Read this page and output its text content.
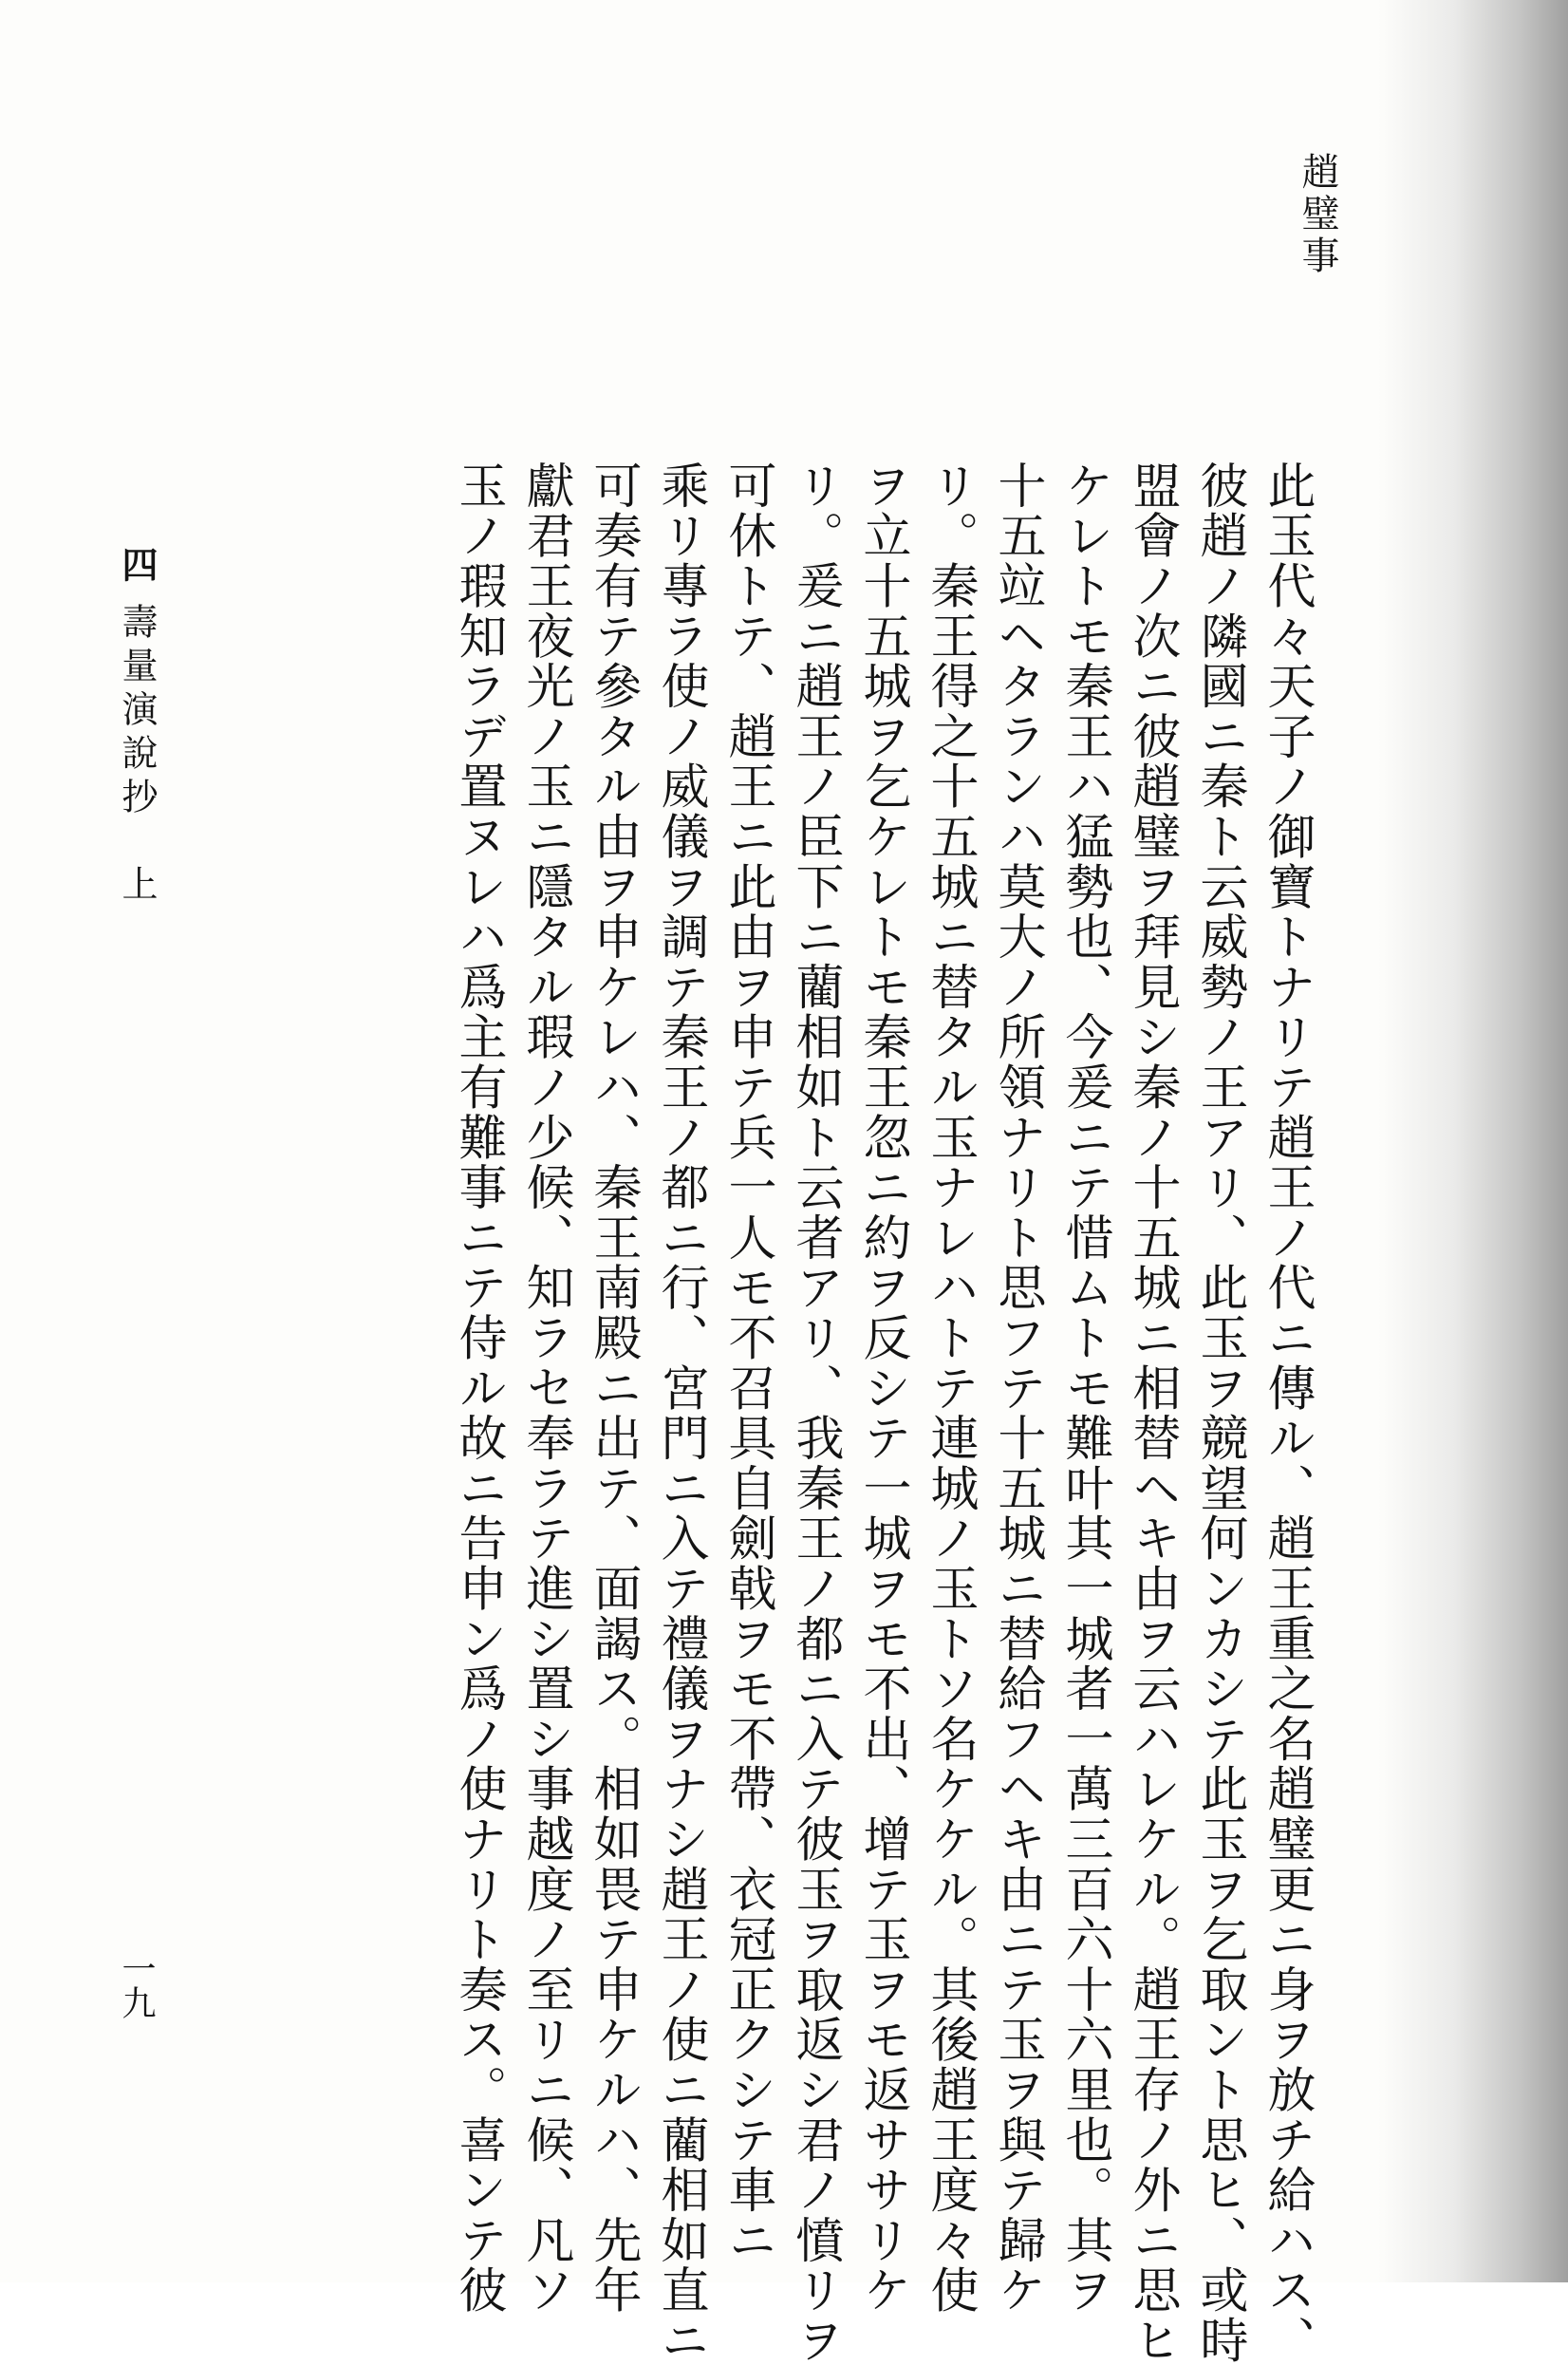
趙璧事
此玉代々天子ノ御寶トナリテ趙王ノ代ニ傳ル、趙王重之名趙璧更ニ身ヲ放チ給ハス、
彼趙ノ隣國ニ秦ト云威勢ノ王アリ、此玉ヲ競望何ンカシテ此玉ヲ乞取ント思ヒ、或時
盟會ノ次ニ彼趙璧ヲ拜見シ秦ノ十五城ニ相替ヘキ由ヲ云ハレケル。趙王存ノ外ニ思ヒ
ケレトモ秦王ハ猛勢也、今爰ニテ惜ムトモ難叶其一城者一萬三百六十六里也。其ヲ
十五竝ヘタランハ莫大ノ所領ナリト思フテ十五城ニ替給フヘキ由ニテ玉ヲ與テ歸ケ
リ。秦王得之十五城ニ替タル玉ナレハトテ連城ノ玉トソ名ケケル。其後趙王度々使
ヲ立十五城ヲ乞ケレトモ秦王忽ニ約ヲ反シテ一城ヲモ不出、增テ玉ヲモ返ササリケ
リ。爰ニ趙王ノ臣下ニ藺相如ト云者アリ、我秦王ノ都ニ入テ彼玉ヲ取返シ君ノ憤リヲ
可休トテ、趙王ニ此由ヲ申テ兵一人モ不召具自劍戟ヲモ不帶、衣冠正クシテ車ニ
乘リ專ラ使ノ威儀ヲ調テ秦王ノ都ニ行、宮門ニ入テ禮儀ヲナシ趙王ノ使ニ藺相如直ニ
可奏有テ參タル由ヲ申ケレハ、秦王南殿ニ出テ、面謁ス。相如畏テ申ケルハ、先年
獻君王夜光ノ玉ニ隱タル瑕ノ少候、知ラセ奉ラテ進シ置シ事越度ノ至リニ候、凡ソ
玉ノ瑕知ラデ置ヌレハ爲主有難事ニテ侍ル故ニ告申ン爲ノ使ナリト奏ス。喜ンテ彼
四
壽量演說抄　上
一九
